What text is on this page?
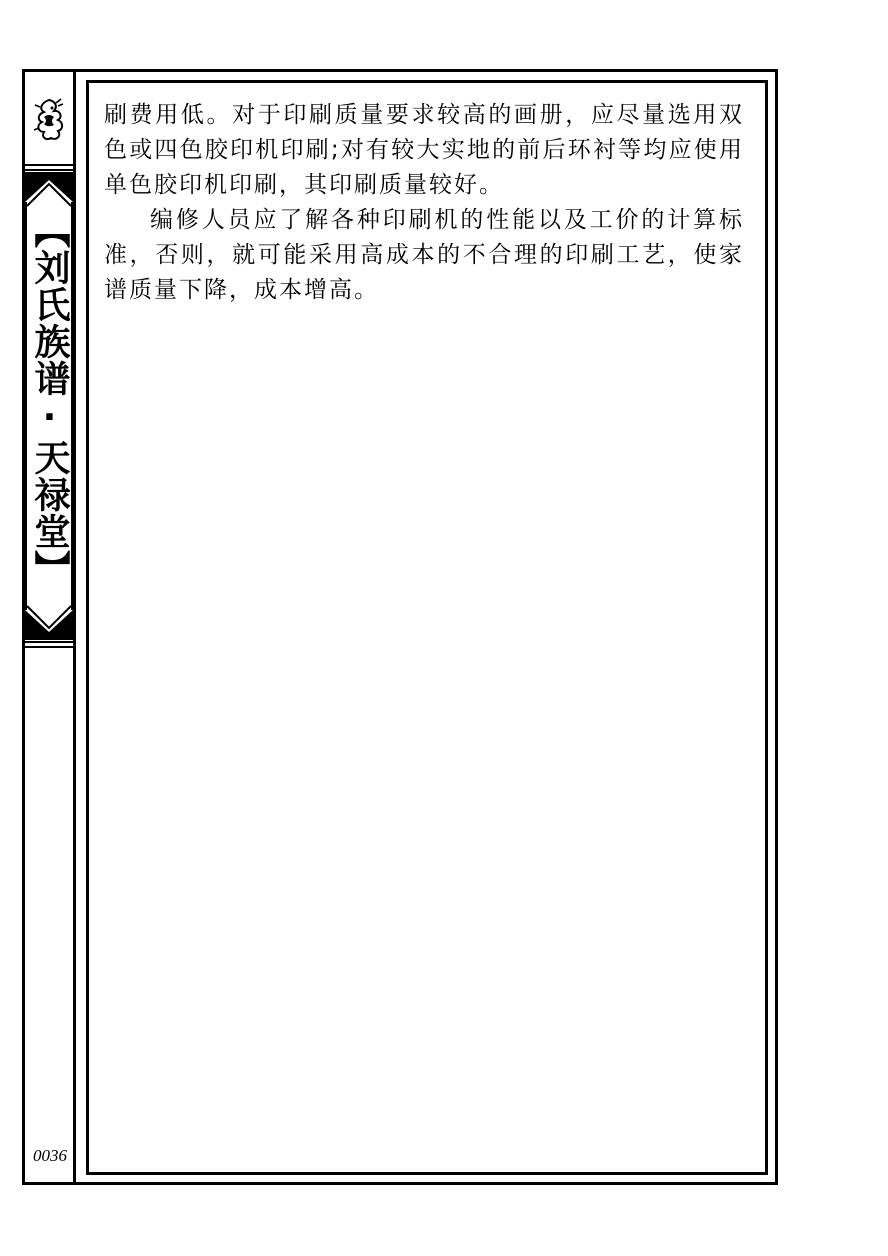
【刘氏族谱·天禄堂】
0036

刷费用低。对于印刷质量要求较高的画册，应尽量选用双色或四色胶印机印刷;对有较大实地的前后环衬等均应使用单色胶印机印刷，其印刷质量较好。

编修人员应了解各种印刷机的性能以及工价的计算标准，否则，就可能采用高成本的不合理的印刷工艺，使家谱质量下降，成本增高。
